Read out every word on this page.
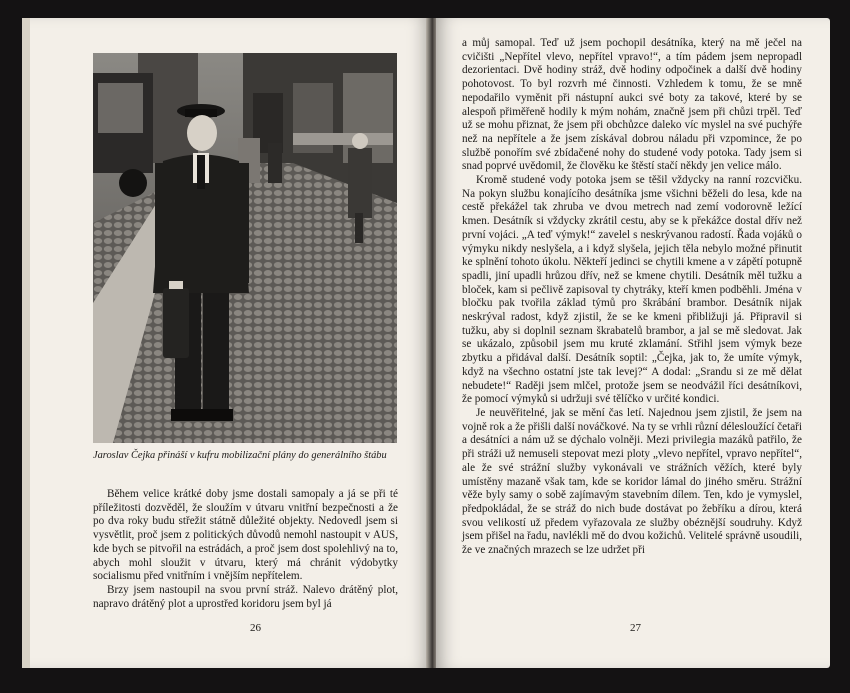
Jaroslav Čejka přináší v kufru mobilizační plány do generálního štábu

Během velice krátké doby jsme dostali samopaly a já se při té příležitosti dozvěděl, že sloužím v útvaru vnitřní bezpečnosti a že po dva roky budu střežit státně důležité objekty. Nedovedl jsem si vysvětlit, proč jsem z politických důvodů nemohl nastoupit v AUS, kde bych se pitvořil na estrádách, a proč jsem dost spolehlivý na to, abych mohl sloužit v útvaru, který má chránit výdobytky socialismu před vnitřním i vnějším nepřítelem.

Brzy jsem nastoupil na svou první stráž. Nalevo drátěný plot, napravo drátěný plot a uprostřed koridoru jsem byl já

26

a můj samopal. Teď už jsem pochopil desátníka, který na mě ječel na cvičišti „Nepřítel vlevo, nepřítel vpravo!“, a tím pádem jsem nepropadl dezorientaci. Dvě hodiny stráž, dvě hodiny odpočinek a další dvě hodiny pohotovost. To byl rozvrh mé činnosti. Vzhledem k tomu, že se mně nepodařilo vyměnit při nástupní aukci své boty za takové, které by se alespoň přiměřeně hodily k mým nohám, značně jsem při chůzi trpěl. Teď už se mohu přiznat, že jsem při obchůzce daleko víc myslel na své puchýře než na nepřítele a že jsem získával dobrou náladu při vzpomince, že po službě ponořím své zbídačené nohy do studené vody potoka. Tady jsem si snad poprvé uvědomil, že člověku ke štěstí stačí někdy jen velice málo.

Kromě studené vody potoka jsem se těšil vždycky na ranní rozcvičku. Na pokyn službu konajícího desátníka jsme všichni běželi do lesa, kde na cestě překážel tak zhruba ve dvou metrech nad zemí vodorovně ležící kmen. Desátník si vždycky zkrátil cestu, aby se k překážce dostal dřív než první vojáci. „A teď výmyk!“ zavelel s neskrývanou radostí. Řada vojáků o výmyku nikdy neslyšela, a i když slyšela, jejich těla nebylo možné přinutit ke splnění tohoto úkolu. Někteří jedinci se chytili kmene a v zápětí potupně spadli, jiní upadli hrůzou dřív, než se kmene chytili. Desátník měl tužku a bloček, kam si pečlivě zapisoval ty chytráky, kteří kmen podběhli. Jména v bločku pak tvořila základ týmů pro škrábání brambor. Desátník nijak neskrýval radost, když zjistil, že se ke kmeni přibližuji já. Připravil si tužku, aby si doplnil seznam škrabatelů brambor, a jal se mě sledovat. Jak se ukázalo, způsobil jsem mu kruté zklamání. Střihl jsem výmyk beze zbytku a přidával další. Desátník soptil: „Čejka, jak to, že umíte výmyk, když na všechno ostatní jste tak levej?“ A dodal: „Srandu si ze mě dělat nebudete!“ Raději jsem mlčel, protože jsem se neodvážil říci desátníkovi, že pomocí výmyků si udržuji své tělíčko v určité kondici.

Je neuvěřitelné, jak se mění čas letí. Najednou jsem zjistil, že jsem na vojně rok a že přišli další nováčkové. Na ty se vrhli různí délesloužící četaři a desátníci a nám už se dýchalo volněji. Mezi privilegia mazáků patřilo, že při stráži už nemuseli stepovat mezi ploty „vlevo nepřítel, vpravo nepřítel“, ale že své strážní služby vykonávali ve strážních věžích, které byly umístěny mazaně však tam, kde se koridor lámal do jiného směru. Strážní věže byly samy o sobě zajímavým stavebním dílem. Ten, kdo je vymyslel, předpokládal, že se stráž do nich bude dostávat po žebříku a dírou, která svou velikostí už předem vyřazovala ze služby obéznější soudruhy. Když jsem přišel na řadu, navlékli mě do dvou kožichů. Velitelé správně usoudili, že ve značných mrazech se lze udržet při

27
